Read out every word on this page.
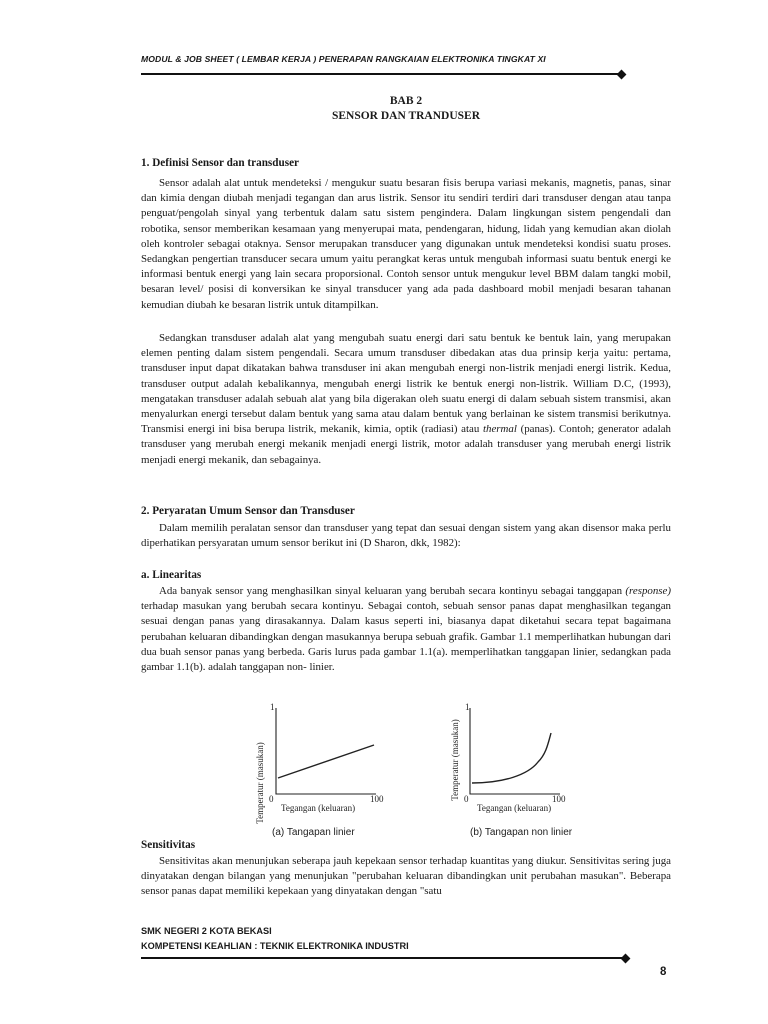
MODUL & JOB SHEET ( LEMBAR KERJA ) PENERAPAN RANGKAIAN ELEKTRONIKA TINGKAT XI
BAB 2
SENSOR DAN TRANDUSER
1. Definisi Sensor dan transduser
Sensor adalah alat untuk mendeteksi / mengukur suatu besaran fisis berupa variasi mekanis, magnetis, panas, sinar dan kimia dengan diubah menjadi tegangan dan arus listrik. Sensor itu sendiri terdiri dari transduser dengan atau tanpa penguat/pengolah sinyal yang terbentuk dalam satu sistem pengindera. Dalam lingkungan sistem pengendali dan robotika, sensor memberikan kesamaan yang menyerupai mata, pendengaran, hidung, lidah yang kemudian akan diolah oleh kontroler sebagai otaknya. Sensor merupakan transducer yang digunakan untuk mendeteksi kondisi suatu proses. Sedangkan pengertian transducer secara umum yaitu perangkat keras untuk mengubah informasi suatu bentuk energi ke informasi bentuk energi yang lain secara proporsional. Contoh sensor untuk mengukur level BBM dalam tangki mobil, besaran level/ posisi di konversikan ke sinyal transducer yang ada pada dashboard mobil menjadi besaran tahanan kemudian diubah ke besaran listrik untuk ditampilkan.
Sedangkan transduser adalah alat yang mengubah suatu energi dari satu bentuk ke bentuk lain, yang merupakan elemen penting dalam sistem pengendali. Secara umum transduser dibedakan atas dua prinsip kerja yaitu: pertama, transduser input dapat dikatakan bahwa transduser ini akan mengubah energi non-listrik menjadi energi listrik. Kedua, transduser output adalah kebalikannya, mengubah energi listrik ke bentuk energi non-listrik. William D.C, (1993), mengatakan transduser adalah sebuah alat yang bila digerakan oleh suatu energi di dalam sebuah sistem transmisi, akan menyalurkan energi tersebut dalam bentuk yang sama atau dalam bentuk yang berlainan ke sistem transmisi berikutnya. Transmisi energi ini bisa berupa listrik, mekanik, kimia, optik (radiasi) atau thermal (panas). Contoh; generator adalah transduser yang merubah energi mekanik menjadi energi listrik, motor adalah transduser yang merubah energi listrik menjadi energi mekanik, dan sebagainya.
2. Peryaratan Umum Sensor dan Transduser
Dalam memilih peralatan sensor dan transduser yang tepat dan sesuai dengan sistem yang akan disensor maka perlu diperhatikan persyaratan umum sensor berikut ini (D Sharon, dkk, 1982):
a. Linearitas
Ada banyak sensor yang menghasilkan sinyal keluaran yang berubah secara kontinyu sebagai tanggapan (response) terhadap masukan yang berubah secara kontinyu. Sebagai contoh, sebuah sensor panas dapat menghasilkan tegangan sesuai dengan panas yang dirasakannya. Dalam kasus seperti ini, biasanya dapat diketahui secara tepat bagaimana perubahan keluaran dibandingkan dengan masukannya berupa sebuah grafik. Gambar 1.1 memperlihatkan hubungan dari dua buah sensor panas yang berbeda. Garis lurus pada gambar 1.1(a). memperlihatkan tanggapan linier, sedangkan pada gambar 1.1(b). adalah tanggapan non- linier.
Temperatur (masukan)
1
0	100
Tegangan (keluaran)
(a) Tangapan linier
Temperatur (masukan)
1
0	100
Tegangan (keluaran)
(b) Tangapan non linier
Sensitivitas
Sensitivitas akan menunjukan seberapa jauh kepekaan sensor terhadap kuantitas yang diukur. Sensitivitas sering juga dinyatakan dengan bilangan yang menunjukan "perubahan keluaran dibandingkan unit perubahan masukan". Beberapa sensor panas dapat memiliki kepekaan yang dinyatakan dengan "satu
SMK NEGERI 2 KOTA BEKASI
KOMPETENSI KEAHLIAN : TEKNIK ELEKTRONIKA INDUSTRI
8
